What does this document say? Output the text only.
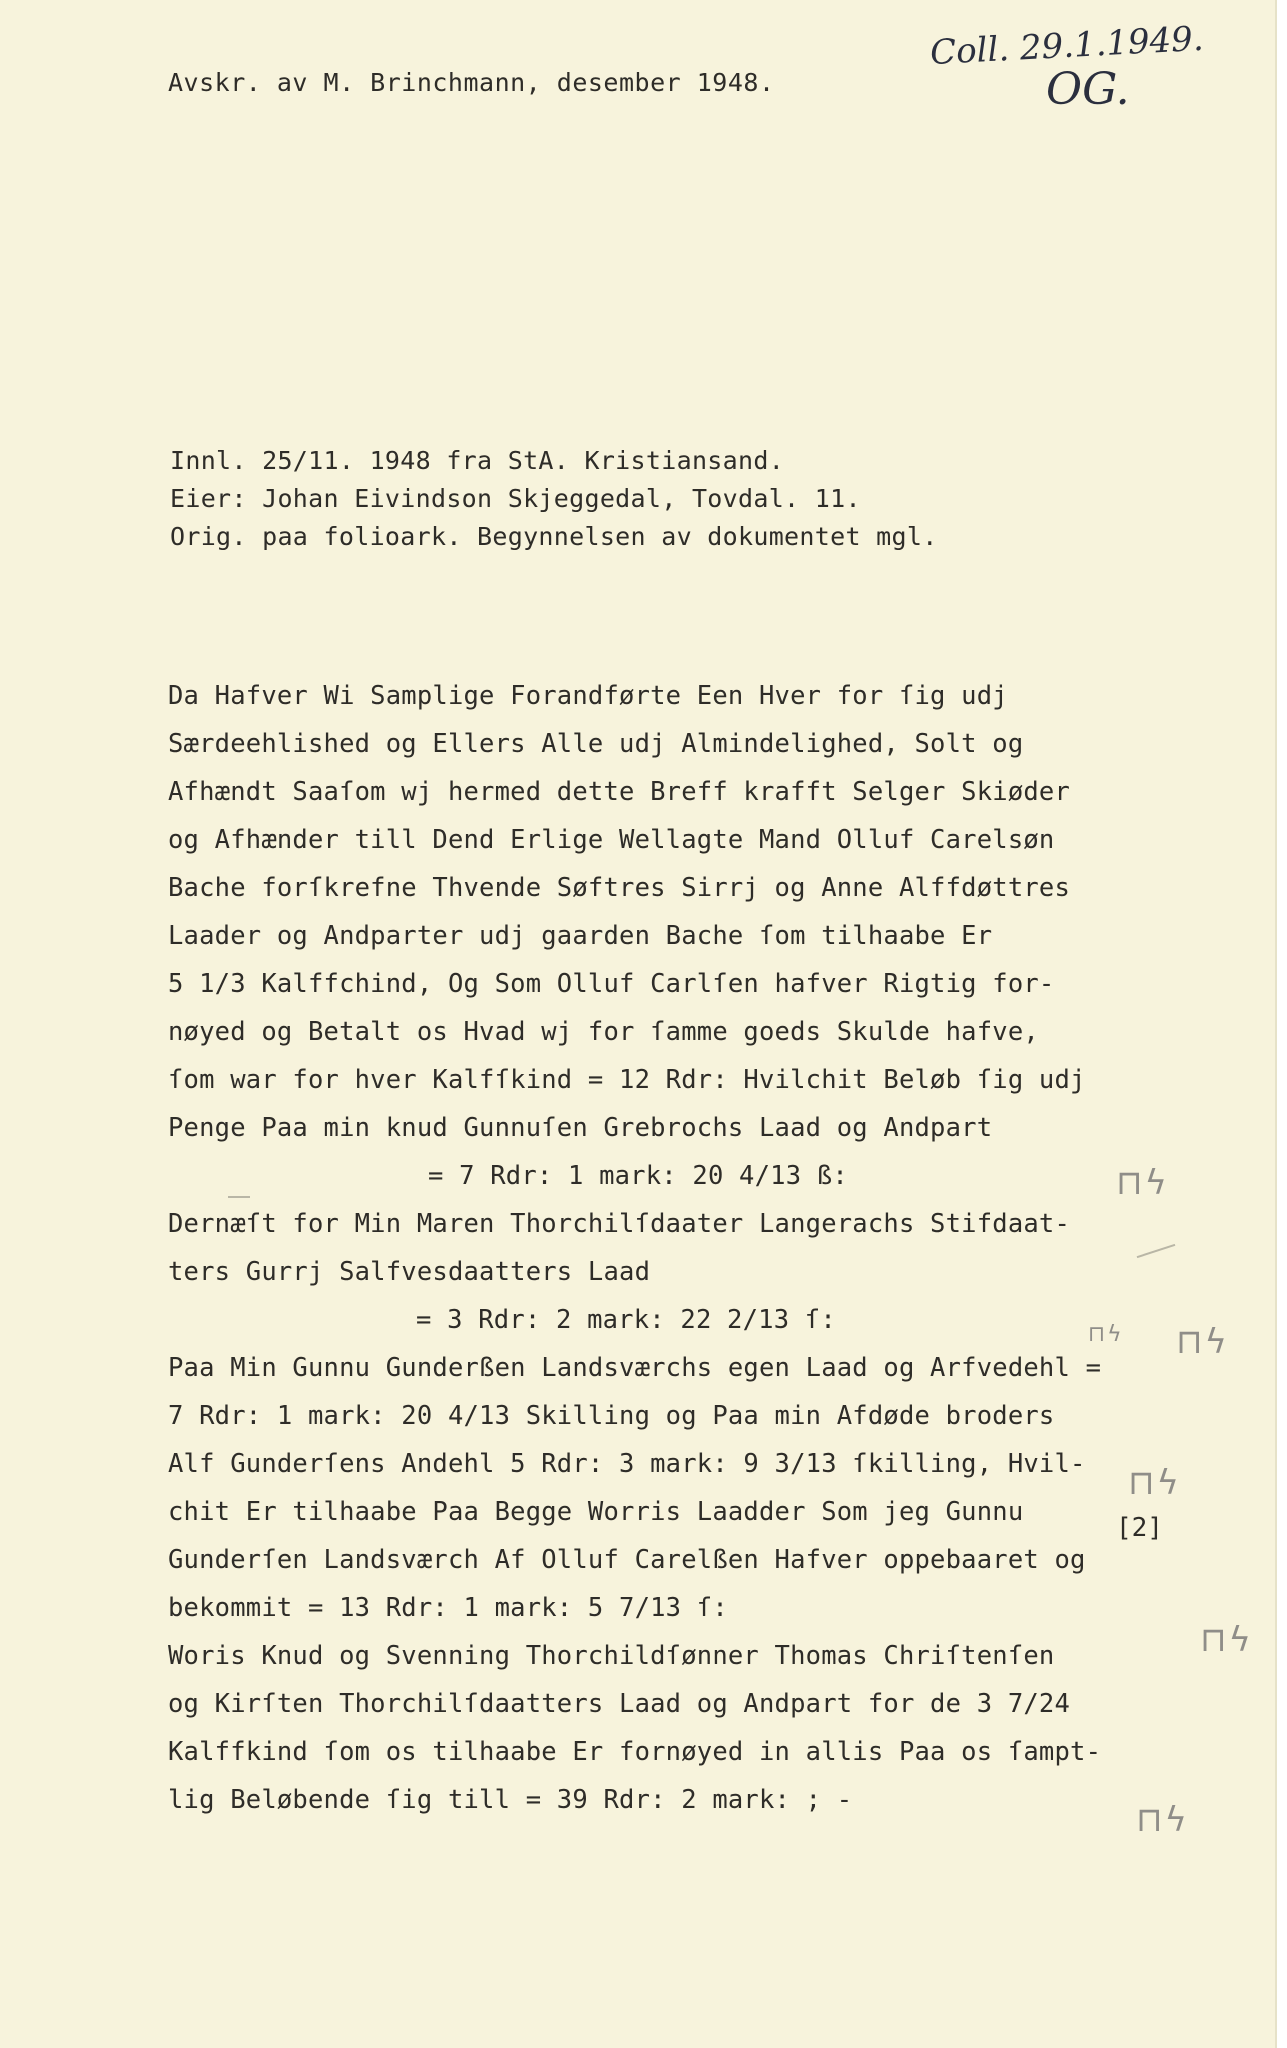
Avskr. av M. Brinchmann, desember 1948.
Coll. 29.1.1949.
OG.
Innl. 25/11. 1948 fra StA. Kristiansand.
Eier: Johan Eivindson Skjeggedal, Tovdal. 11.
Orig. paa folioark. Begynnelsen av dokumentet mgl.
Da Hafver Wi Samplige Forandførte Een Hver for ſig udj
Særdeehlished og Ellers Alle udj Almindelighed, Solt og
Afhændt Saaſom wj hermed dette Breff krafft Selger Skiøder
og Afhænder till Dend Erlige Wellagte Mand Olluf Carelsøn
Bache forſkrefne Thvende Søftres Sirrj og Anne Alffdøttres
Laader og Andparter udj gaarden Bache ſom tilhaabe Er
5 1/3 Kalffchind, Og Som Olluf Carlſen hafver Rigtig for-
nøyed og Betalt os Hvad wj for ſamme goeds Skulde hafve,
ſom war for hver Kalfſkind = 12 Rdr: Hvilchit Beløb ſig udj
Penge Paa min knud Gunnuſen Grebrochs Laad og Andpart
= 7 Rdr: 1 mark: 20 4/13 ß:
Dernæſt for Min Maren Thorchilſdaater Langerachs Stifdaat-
ters Gurrj Salfvesdaatters Laad
= 3 Rdr: 2 mark: 22 2/13 ſ:
Paa Min Gunnu Gunderßen Landsværchs egen Laad og Arfvedehl =
7 Rdr: 1 mark: 20 4/13 Skilling og Paa min Afdøde broders
Alf Gunderſens Andehl 5 Rdr: 3 mark: 9 3/13 ſkilling, Hvil-
chit Er tilhaabe Paa Begge Worris Laadder Som jeg Gunnu
Gunderſen Landsværch Af Olluf Carelßen Hafver oppebaaret og
bekommit = 13 Rdr: 1 mark: 5 7/13 ſ:
Woris Knud og Svenning Thorchildſønner Thomas Chriſtenſen
og Kirſten Thorchilſdaatters Laad og Andpart for de 3 7/24
Kalffkind ſom os tilhaabe Er fornøyed in allis Paa os ſampt-
lig Beløbende ſig till = 39 Rdr: 2 mark: ; -
[2]
⊓ϟ
⊓ϟ
⊓ϟ
⊓ϟ
⊓ϟ
⊓ϟ
